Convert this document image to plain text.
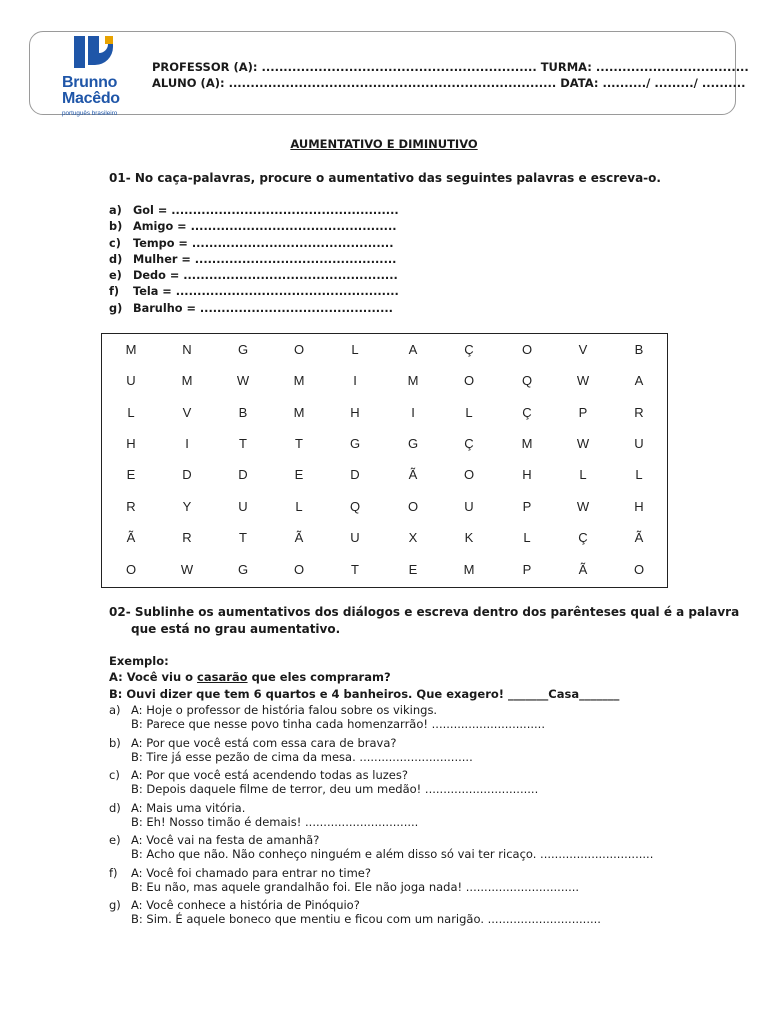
Brunno
Macêdo
português brasileiro
PROFESSOR (A): ............................................................... TURMA: ...................................
ALUNO (A): ........................................................................... DATA: ........../ ........./ ..........
AUMENTATIVO E DIMINUTIVO
01- No caça-palavras, procure o aumentativo das seguintes palavras e escreva-o.
a) Gol = .....................................................
b) Amigo = ................................................
c) Tempo = ...............................................
d) Mulher = ...............................................
e) Dedo = ..................................................
f) Tela = ....................................................
g) Barulho = .............................................
M	N	G	O	L	A	Ç	O	V	B
U	M	W	M	I	M	O	Q	W	A
L	V	B	M	H	I	L	Ç	P	R
H	I	T	T	G	G	Ç	M	W	U
E	D	D	E	D	Ã	O	H	L	L
R	Y	U	L	Q	O	U	P	W	H
Ã	R	T	Ã	U	X	K	L	Ç	Ã
O	W	G	O	T	E	M	P	Ã	O
02- Sublinhe os aumentativos dos diálogos e escreva dentro dos parênteses qual é a palavra
que está no grau aumentativo.
Exemplo:
A: Você viu o casarão que eles compraram?
B: Ouvi dizer que tem 6 quartos e 4 banheiros. Que exagero! _______Casa_______
a) A: Hoje o professor de história falou sobre os vikings.
B: Parece que nesse povo tinha cada homenzarrão! ...............................
b) A: Por que você está com essa cara de brava?
B: Tire já esse pezão de cima da mesa. ...............................
c) A: Por que você está acendendo todas as luzes?
B: Depois daquele filme de terror, deu um medão! ...............................
d) A: Mais uma vitória.
B: Eh! Nosso timão é demais! ...............................
e) A: Você vai na festa de amanhã?
B: Acho que não. Não conheço ninguém e além disso só vai ter ricaço. ...............................
f) A: Você foi chamado para entrar no time?
B: Eu não, mas aquele grandalhão foi. Ele não joga nada! ...............................
g) A: Você conhece a história de Pinóquio?
B: Sim. É aquele boneco que mentiu e ficou com um narigão. ...............................
